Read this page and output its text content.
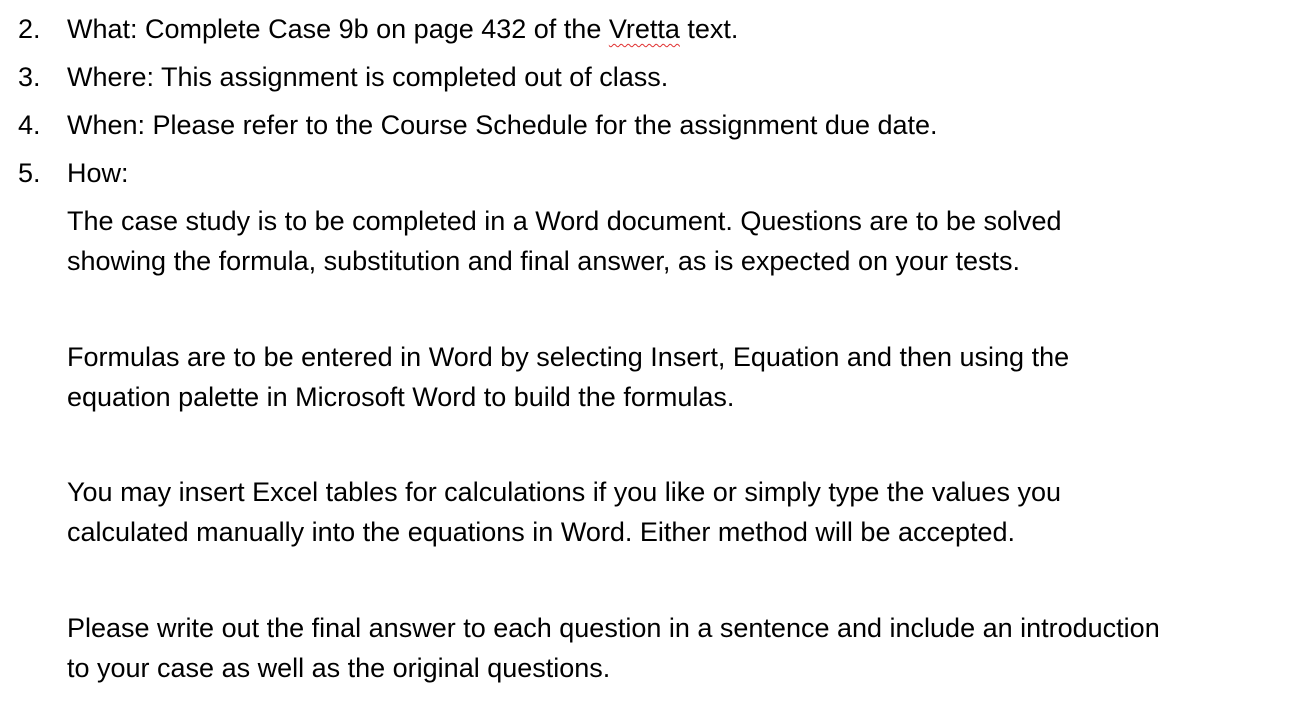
2. What: Complete Case 9b on page 432 of the Vretta text.
3. Where: This assignment is completed out of class.
4. When: Please refer to the Course Schedule for the assignment due date.
5. How:

The case study is to be completed in a Word document. Questions are to be solved
showing the formula, substitution and final answer, as is expected on your tests.

Formulas are to be entered in Word by selecting Insert, Equation and then using the
equation palette in Microsoft Word to build the formulas.

You may insert Excel tables for calculations if you like or simply type the values you
calculated manually into the equations in Word. Either method will be accepted.

Please write out the final answer to each question in a sentence and include an introduction
to your case as well as the original questions.
